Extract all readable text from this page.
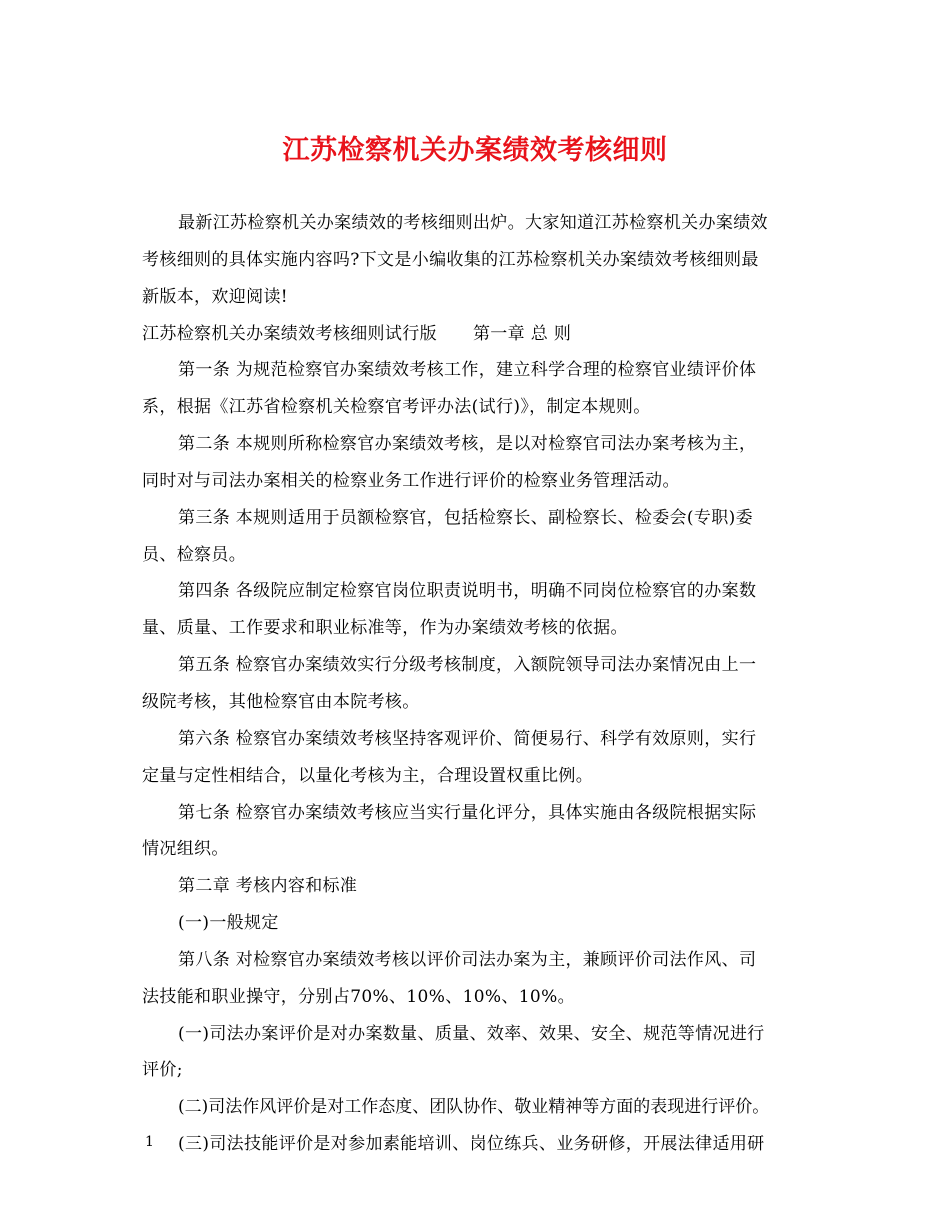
江苏检察机关办案绩效考核细则
最新江苏检察机关办案绩效的考核细则出炉。大家知道江苏检察机关办案绩效
考核细则的具体实施内容吗?下文是小编收集的江苏检察机关办案绩效考核细则最
新版本，欢迎阅读!
江苏检察机关办案绩效考核细则试行版 第一章 总 则
第一条 为规范检察官办案绩效考核工作，建立科学合理的检察官业绩评价体
系，根据《江苏省检察机关检察官考评办法(试行)》，制定本规则。
第二条 本规则所称检察官办案绩效考核，是以对检察官司法办案考核为主，
同时对与司法办案相关的检察业务工作进行评价的检察业务管理活动。
第三条 本规则适用于员额检察官，包括检察长、副检察长、检委会(专职)委
员、检察员。
第四条 各级院应制定检察官岗位职责说明书，明确不同岗位检察官的办案数
量、质量、工作要求和职业标准等，作为办案绩效考核的依据。
第五条 检察官办案绩效实行分级考核制度，入额院领导司法办案情况由上一
级院考核，其他检察官由本院考核。
第六条 检察官办案绩效考核坚持客观评价、简便易行、科学有效原则，实行
定量与定性相结合，以量化考核为主，合理设置权重比例。
第七条 检察官办案绩效考核应当实行量化评分，具体实施由各级院根据实际
情况组织。
第二章 考核内容和标准
(一)一般规定
第八条 对检察官办案绩效考核以评价司法办案为主，兼顾评价司法作风、司
法技能和职业操守，分别占70%、10%、10%、10%。
(一)司法办案评价是对办案数量、质量、效率、效果、安全、规范等情况进行
评价;
(二)司法作风评价是对工作态度、团队协作、敬业精神等方面的表现进行评价。
(三)司法技能评价是对参加素能培训、岗位练兵、业务研修，开展法律适用研
1
